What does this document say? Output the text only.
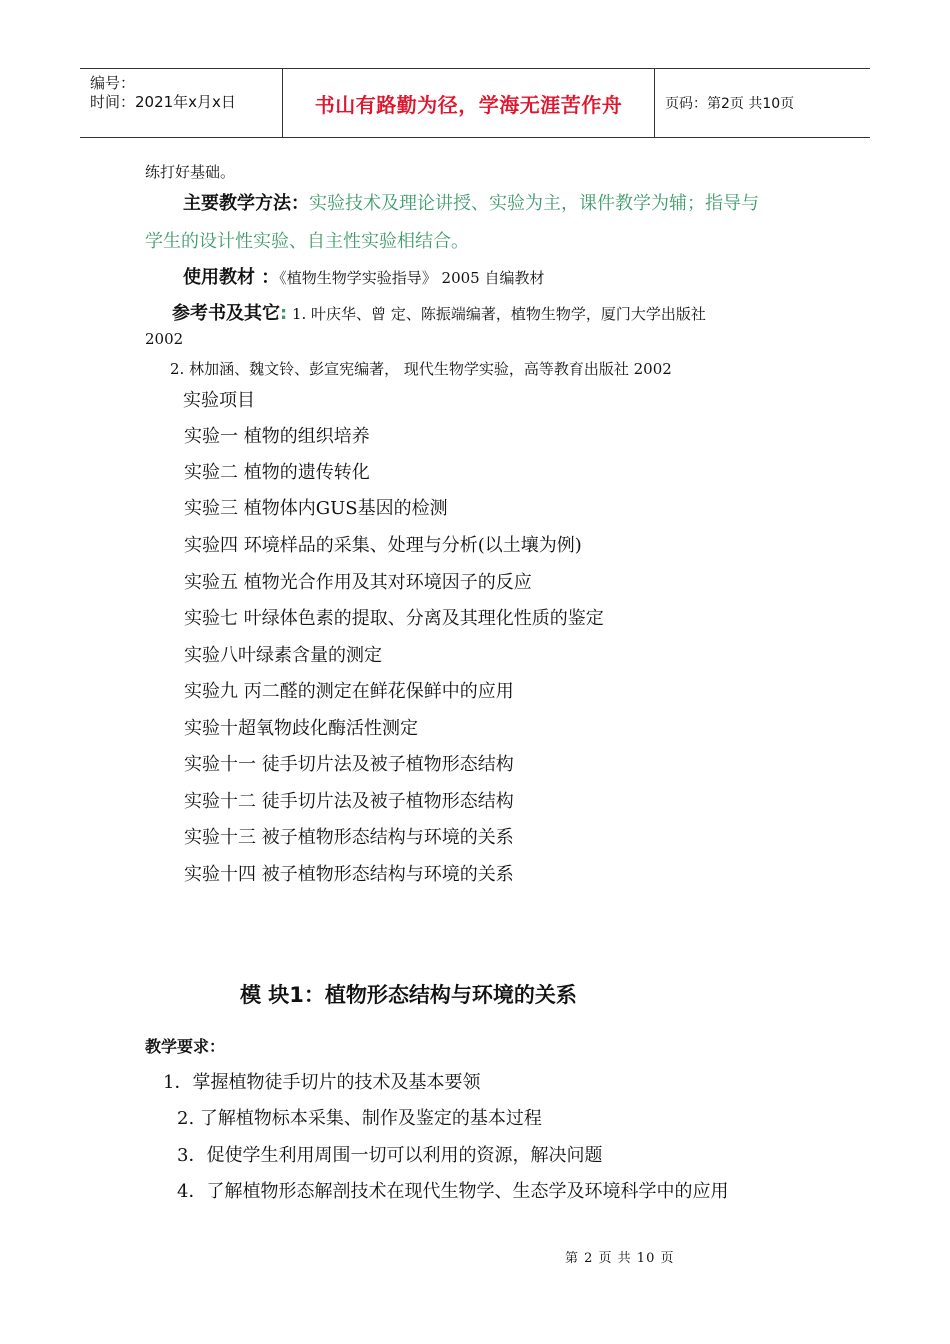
编号：
时间：2021年x月x日	书山有路勤为径，学海无涯苦作舟	页码：第2页 共10页
练打好基础。
主要教学方法：实验技术及理论讲授、实验为主，课件教学为辅；指导与
学生的设计性实验、自主性实验相结合。
使用教材 ：《植物生物学实验指导》 2005 自编教材
参考书及其它: 1. 叶庆华、曾 定、陈振端编著，植物生物学，厦门大学出版社
2002
2. 林加涵、魏文铃、彭宣宪编著， 现代生物学实验，高等教育出版社 2002
实验项目
实验一 植物的组织培养
实验二 植物的遗传转化
实验三 植物体内GUS基因的检测
实验四 环境样品的采集、处理与分析(以土壤为例)
实验五 植物光合作用及其对环境因子的反应
实验七 叶绿体色素的提取、分离及其理化性质的鉴定
实验八叶绿素含量的测定
实验九 丙二醛的测定在鲜花保鲜中的应用
实验十超氧物歧化酶活性测定
实验十一 徒手切片法及被子植物形态结构
实验十二 徒手切片法及被子植物形态结构
实验十三 被子植物形态结构与环境的关系
实验十四 被子植物形态结构与环境的关系
模 块1：植物形态结构与环境的关系
教学要求：
1．掌握植物徒手切片的技术及基本要领
2. 了解植物标本采集、制作及鉴定的基本过程
3．促使学生利用周围一切可以利用的资源，解决问题
4．了解植物形态解剖技术在现代生物学、生态学及环境科学中的应用
第 2 页 共 10 页
